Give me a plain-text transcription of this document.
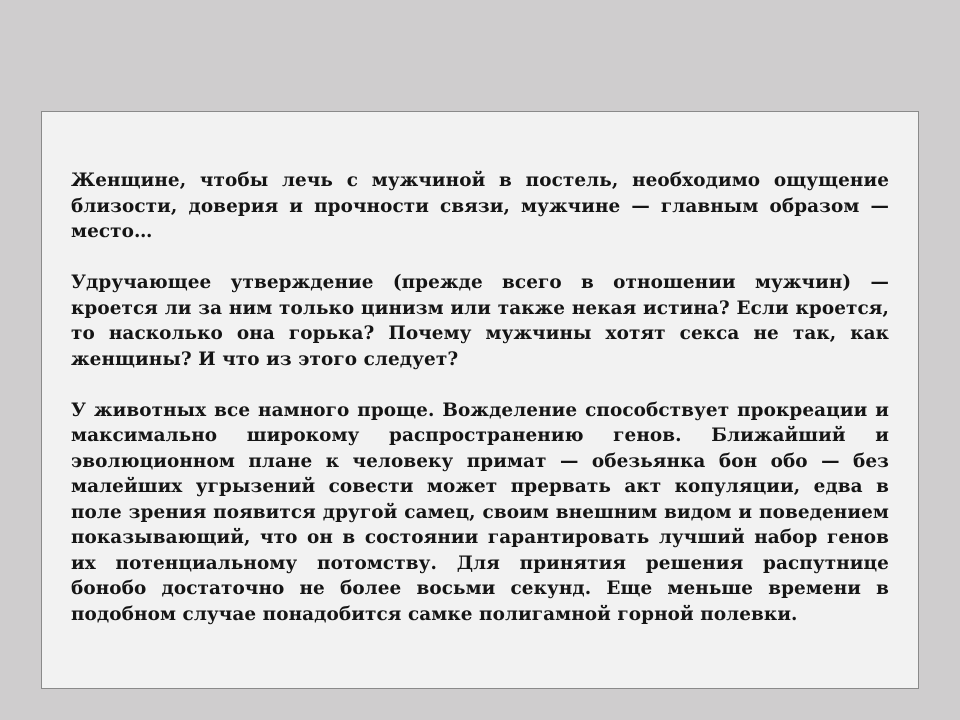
Женщине, чтобы лечь с мужчиной в постель, необходимо ощущение близости, доверия и прочности связи, мужчине — главным образом — место…

Удручающее утверждение (прежде всего в отношении мужчин) — кроется ли за ним только цинизм или также некая истина? Если кроется, то насколько она горька? Почему мужчины хотят секса не так, как женщины? И что из этого следует?

У животных все намного проще. Вожделение способствует прокреации и максимально широкому распространению генов. Ближайший и эволюционном плане к человеку примат — обезьянка бон обо — без малейших угрызений совести может прервать акт копуляции, едва в поле зрения появится другой самец, своим внешним видом и поведением показывающий, что он в состоянии гарантировать лучший набор генов их потенциальному потомству. Для принятия решения распутнице бонобо достаточно не более восьми секунд. Еще меньше времени в подобном случае понадобится самке полигамной горной полевки.
